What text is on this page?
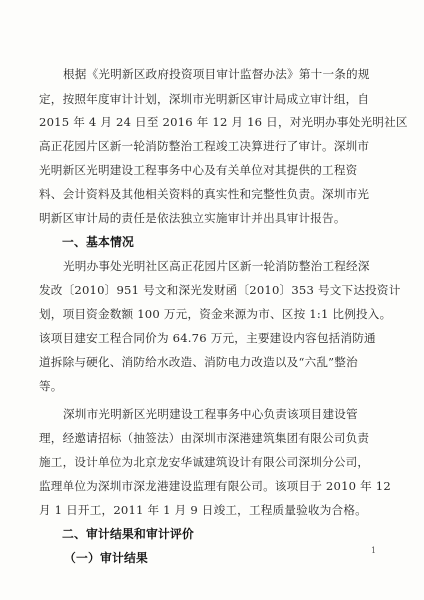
根据《光明新区政府投资项目审计监督办法》第十一条的规
定，按照年度审计计划，深圳市光明新区审计局成立审计组，自
2015 年 4 月 24 日至 2016 年 12 月 16 日，对光明办事处光明社区
高正花园片区新一轮消防整治工程竣工决算进行了审计。深圳市
光明新区光明建设工程事务中心及有关单位对其提供的工程资
料、会计资料及其他相关资料的真实性和完整性负责。深圳市光
明新区审计局的责任是依法独立实施审计并出具审计报告。
一、基本情况
光明办事处光明社区高正花园片区新一轮消防整治工程经深
发改〔2010〕951 号文和深光发财函〔2010〕353 号文下达投资计
划，项目资金数额 100 万元，资金来源为市、区按 1:1 比例投入。
该项目建安工程合同价为 64.76 万元，主要建设内容包括消防通
道拆除与硬化、消防给水改造、消防电力改造以及“六乱”整治
等。
深圳市光明新区光明建设工程事务中心负责该项目建设管
理，经邀请招标（抽签法）由深圳市深港建筑集团有限公司负责
施工，设计单位为北京龙安华诚建筑设计有限公司深圳分公司，
监理单位为深圳市深龙港建设监理有限公司。该项目于 2010 年 12
月 1 日开工，2011 年 1 月 9 日竣工，工程质量验收为合格。
二、审计结果和审计评价
（一）审计结果
1
